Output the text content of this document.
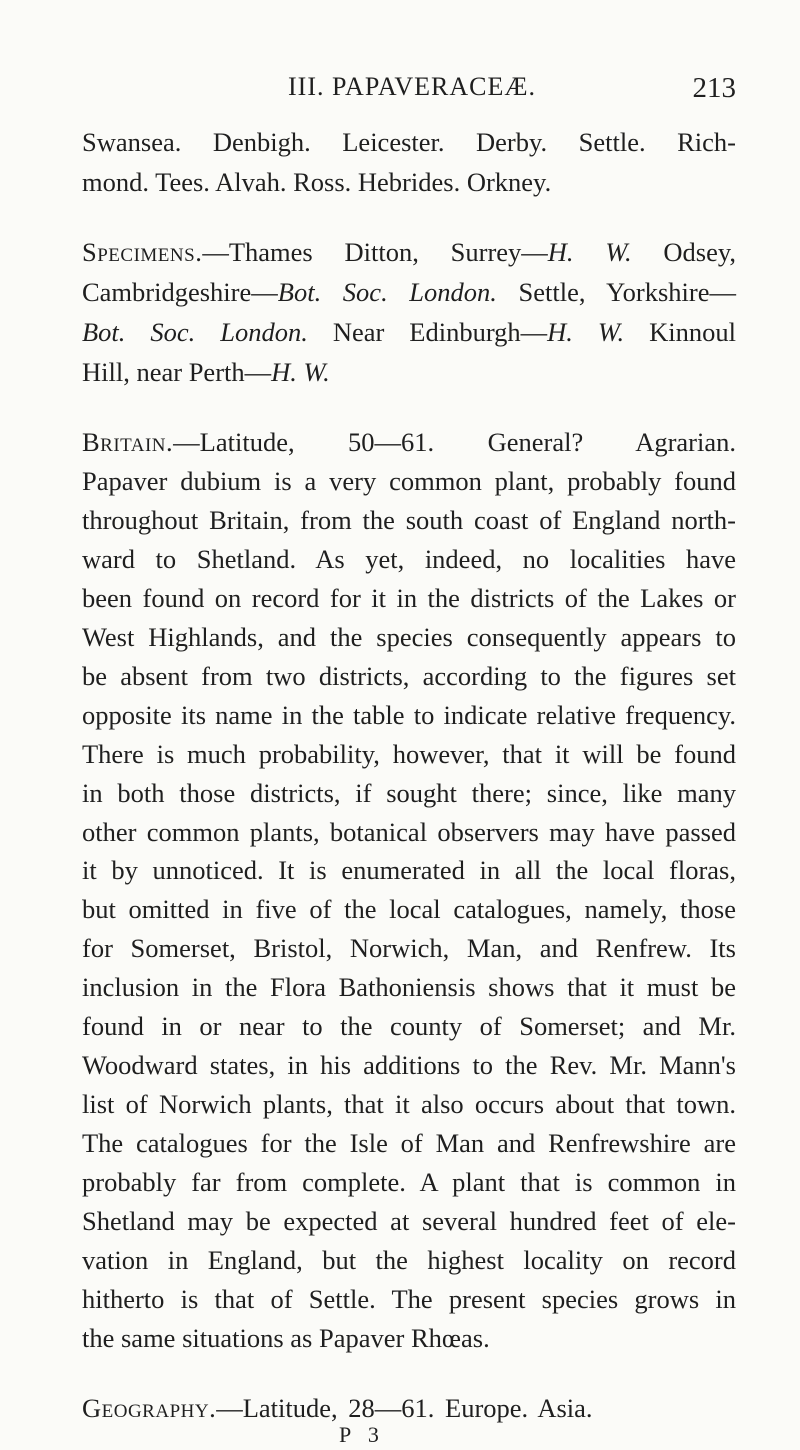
III. PAPAVERACEÆ.	213
Swansea. Denbigh. Leicester. Derby. Settle. Rich-
mond. Tees. Alvah. Ross. Hebrides. Orkney.
Specimens.—Thames Ditton, Surrey—H. W. Odsey,
Cambridgeshire—Bot. Soc. London. Settle, Yorkshire—
Bot. Soc. London. Near Edinburgh—H. W. Kinnoul
Hill, near Perth—H. W.
Britain.—Latitude, 50—61. General? Agrarian.
Papaver dubium is a very common plant, probably found
throughout Britain, from the south coast of England north-
ward to Shetland. As yet, indeed, no localities have
been found on record for it in the districts of the Lakes or
West Highlands, and the species consequently appears to
be absent from two districts, according to the figures set
opposite its name in the table to indicate relative frequency.
There is much probability, however, that it will be found
in both those districts, if sought there; since, like many
other common plants, botanical observers may have passed
it by unnoticed. It is enumerated in all the local floras,
but omitted in five of the local catalogues, namely, those
for Somerset, Bristol, Norwich, Man, and Renfrew. Its
inclusion in the Flora Bathoniensis shows that it must be
found in or near to the county of Somerset; and Mr.
Woodward states, in his additions to the Rev. Mr. Mann's
list of Norwich plants, that it also occurs about that town.
The catalogues for the Isle of Man and Renfrewshire are
probably far from complete. A plant that is common in
Shetland may be expected at several hundred feet of ele-
vation in England, but the highest locality on record
hitherto is that of Settle. The present species grows in
the same situations as Papaver Rhœas.
Geography.—Latitude, 28—61. Europe. Asia.
P 3
